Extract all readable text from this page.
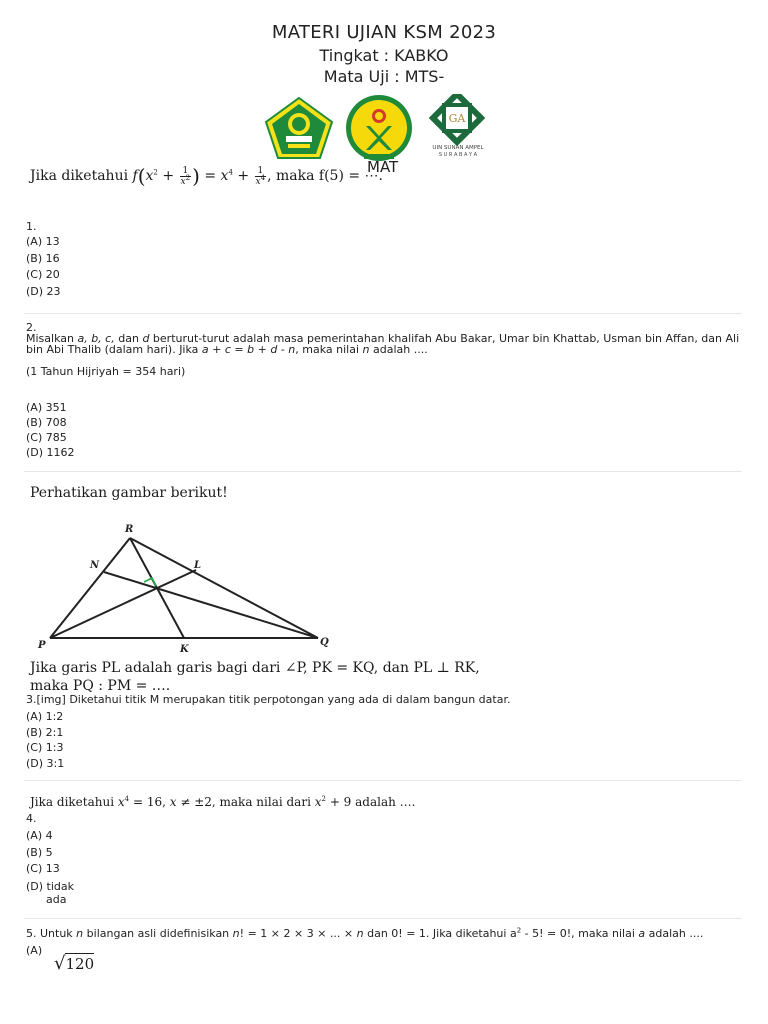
MATERI UJIAN KSM 2023
Tingkat : KABKO
Mata Uji : MTS-
GA
UIN SUNAN AMPEL
S U R A B A Y A
MAT
Jika diketahui $f(x^2 + \frac{1}{x^2}$ ) = $x^4 + \frac{1}{x^4}$ , maka f(5) = ⋯.
1.
(A) 13
(B) 16
(C) 20
(D) 23
2.
Misalkan a, b, c, dan d berturut-turut adalah masa pemerintahan khalifah Abu Bakar, Umar bin Khattab, Usman bin Affan, dan Ali
bin Abi Thalib (dalam hari). Jika a + c = b + d - n, maka nilai n adalah ....
(1 Tahun Hijriyah = 354 hari)
(A) 351
(B) 708
(C) 785
(D) 1162
Perhatikan gambar berikut!
R
N	L
P	K
Q
Jika garis PL adalah garis bagi dari ∠P, PK = KQ, dan PL ⊥ RK,
maka PQ : PM = ….
3.[img] Diketahui titik M merupakan titik perpotongan yang ada di dalam bangun datar.
(A) 1:2
(B) 2:1
(C) 1:3
(D) 3:1
Jika diketahui $x^4 = 16$, x ≠ ±2, maka nilai dari $x^2 + 9$ adalah ….
4.
(A) 4
(B) 5
(C) 13
(D) tidak
ada
5. Untuk n bilangan asli didefinisikan n! = 1 × 2 × 3 × ... × n dan 0! = 1. Jika diketahui $a^2 - 5$! = 0!, maka nilai a adalah ....
(A)
√120
